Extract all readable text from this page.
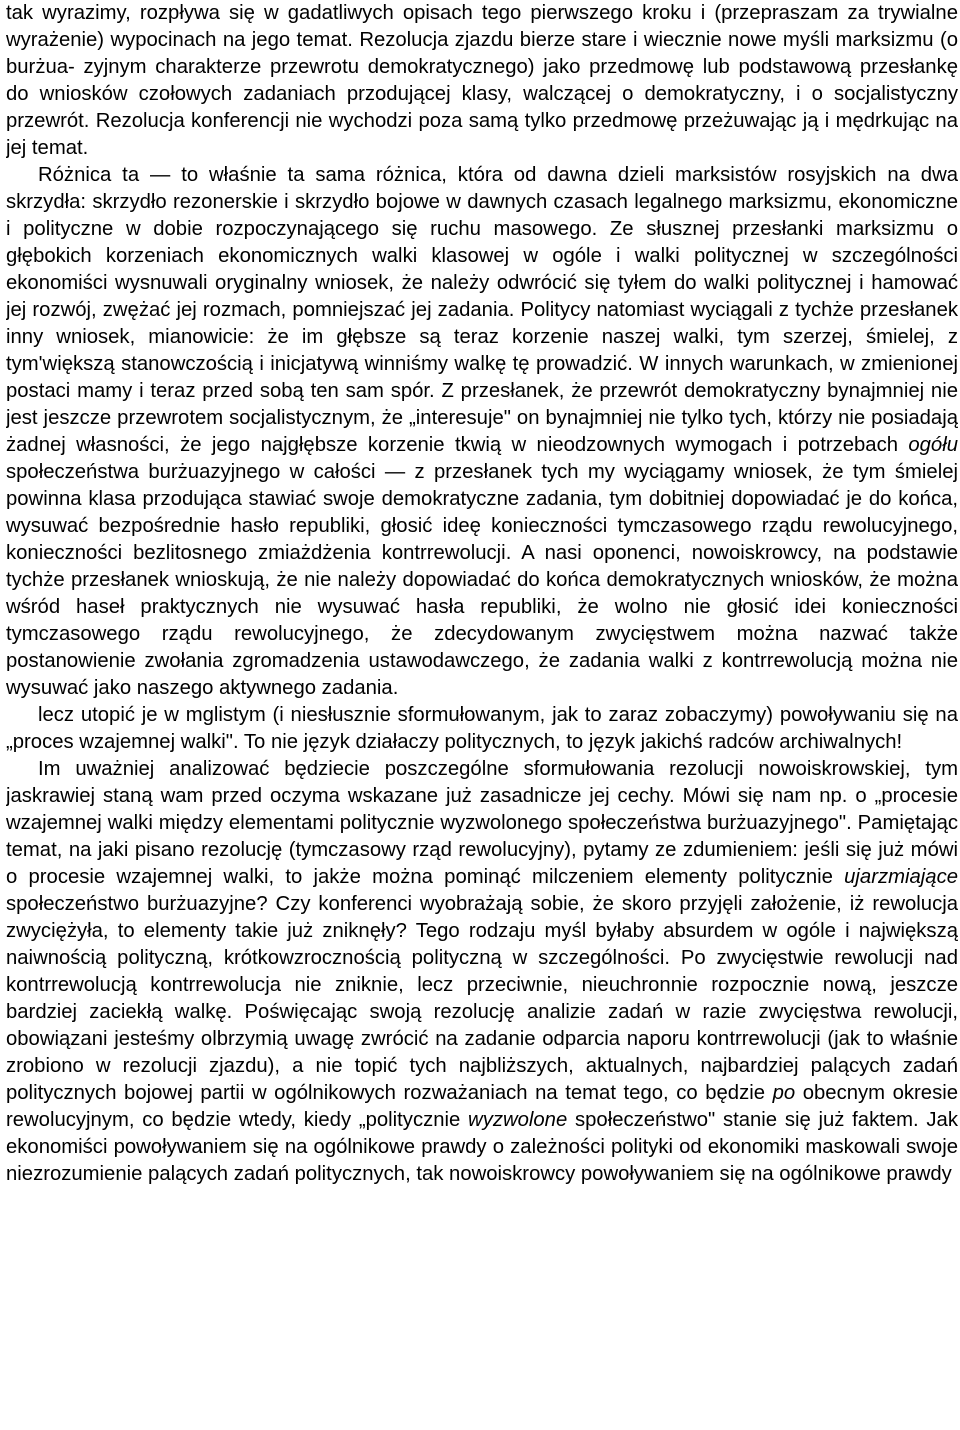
tak wyrazimy, rozpływa się w gadatliwych opisach tego pierwszego kroku i (przepraszam za trywialne wyrażenie) wypocinach na jego temat. Rezolucja zjazdu bierze stare i wiecznie nowe myśli marksizmu (o burżua- zyjnym charakterze przewrotu demokratycznego) jako przedmowę lub podstawową przesłankę do wniosków czołowych zadaniach przodującej klasy, walczącej o demokratyczny, i o socjalistyczny przewrót. Rezolucja konferencji nie wychodzi poza samą tylko przedmowę przeżuwając ją i mędrkując na jej temat.

Różnica ta — to właśnie ta sama różnica, która od dawna dzieli marksistów rosyjskich na dwa skrzydła: skrzydło rezonerskie i skrzydło bojowe w dawnych czasach legalnego marksizmu, ekonomiczne i polityczne w dobie rozpoczynającego się ruchu masowego. Ze słusznej przesłanki marksizmu o głębokich korzeniach ekonomicznych walki klasowej w ogóle i walki politycznej w szczególności ekonomiści wysnuwali oryginalny wniosek, że należy odwrócić się tyłem do walki politycznej i hamować jej rozwój, zwężać jej rozmach, pomniejszać jej zadania. Politycy natomiast wyciągali z tychże przesłanek inny wniosek, mianowicie: że im głębsze są teraz korzenie naszej walki, tym szerzej, śmielej, z tym'większą stanowczością i inicjatywą winniśmy walkę tę prowadzić. W innych warunkach, w zmienionej postaci mamy i teraz przed sobą ten sam spór. Z przesłanek, że przewrót demokratyczny bynajmniej nie jest jeszcze przewrotem socjalistycznym, że „interesuje" on bynajmniej nie tylko tych, którzy nie posiadają żadnej własności, że jego najgłębsze korzenie tkwią w nieodzownych wymogach i potrzebach ogółu społeczeństwa burżuazyjnego w całości — z przesłanek tych my wyciągamy wniosek, że tym śmielej powinna klasa przodująca stawiać swoje demokratyczne zadania, tym dobitniej dopowiadać je do końca, wysuwać bezpośrednie hasło republiki, głosić ideę konieczności tymczasowego rządu rewolucyjnego, konieczności bezlitosnego zmiażdżenia kontrrewolucji. A nasi oponenci, nowoiskrowcy, na podstawie tychże przesłanek wnioskują, że nie należy dopowiadać do końca demokratycznych wniosków, że można wśród haseł praktycznych nie wysuwać hasła republiki, że wolno nie głosić idei konieczności tymczasowego rządu rewolucyjnego, że zdecydowanym zwycięstwem można nazwać także postanowienie zwołania zgromadzenia ustawodawczego, że zadania walki z kontrrewolucją można nie wysuwać jako naszego aktywnego zadania.

lecz utopić je w mglistym (i niesłusznie sformułowanym, jak to zaraz zobaczymy) powoływaniu się na „proces wzajemnej walki". To nie język działaczy politycznych, to język jakichś radców archiwalnych!

Im uważniej analizować będziecie poszczególne sformułowania rezolucji nowoiskrowskiej, tym jaskrawiej staną wam przed oczyma wskazane już zasadnicze jej cechy. Mówi się nam np. o „procesie wzajemnej walki między elementami politycznie wyzwolonego społeczeństwa burżuazyjnego". Pamiętając temat, na jaki pisano rezolucję (tymczasowy rząd rewolucyjny), pytamy ze zdumieniem: jeśli się już mówi o procesie wzajemnej walki, to jakże można pominąć milczeniem elementy politycznie ujarzmiające społeczeństwo burżuazyjne? Czy konferenci wyobrażają sobie, że skoro przyjęli założenie, iż rewolucja zwyciężyła, to elementy takie już zniknęły? Tego rodzaju myśl byłaby absurdem w ogóle i największą naiwnością polityczną, krótkowzrocznością polityczną w szczególności. Po zwycięstwie rewolucji nad kontrrewolucją kontrrewolucja nie zniknie, lecz przeciwnie, nieuchronnie rozpocznie nową, jeszcze bardziej zaciekłą walkę. Poświęcając swoją rezolucję analizie zadań w razie zwycięstwa rewolucji, obowiązani jesteśmy olbrzymią uwagę zwrócić na zadanie odparcia naporu kontrrewolucji (jak to właśnie zrobiono w rezolucji zjazdu), a nie topić tych najbliższych, aktualnych, najbardziej palących zadań politycznych bojowej partii w ogólnikowych rozważaniach na temat tego, co będzie po obecnym okresie rewolucyjnym, co będzie wtedy, kiedy „politycznie wyzwolone społeczeństwo" stanie się już faktem. Jak ekonomiści powoływaniem się na ogólnikowe prawdy o zależności polityki od ekonomiki maskowali swoje niezrozumienie palących zadań politycznych, tak nowoiskrowcy powoływaniem się na ogólnikowe prawdy
